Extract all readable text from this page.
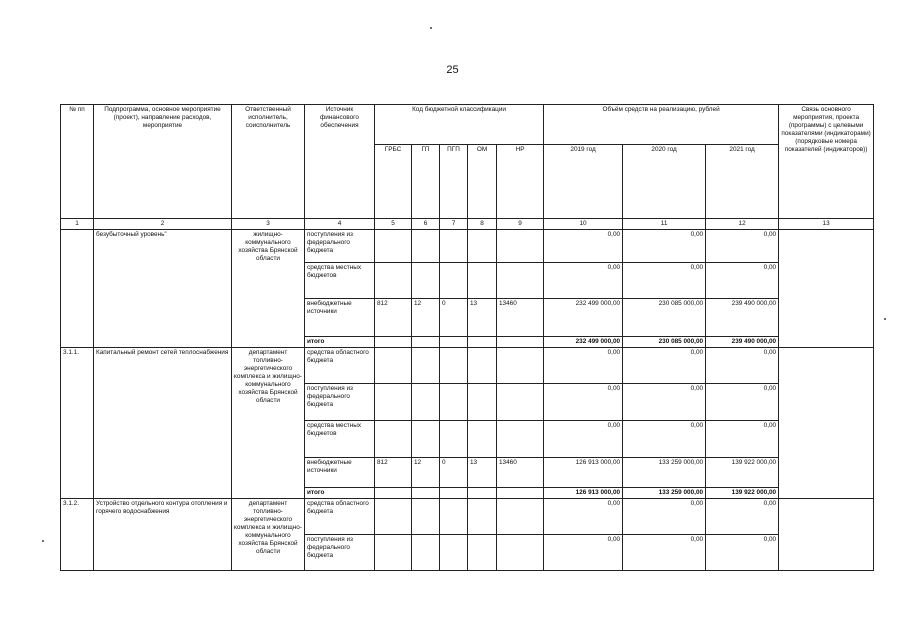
25
№ пп	Подпрограмма, основное мероприятие (проект), направление расходов, мероприятие	Ответственный исполнитель, соисполнитель	Источник финансового обеспечения	Код бюджетной классификации					Объём средств на реализацию, рублей			Связь основного мероприятия, проекта (программы) с целевыми показателями (индикаторами) (порядковые номера показателей (индикаторов))
				ГРБС	ГП	ПГП	ОМ	НР	2019 год	2020 год	2021 год	
1	2	3	4	5	6	7	8	9	10	11	12	13
	безубыточный уровень"	жилищно-коммунального хозяйства Брянской области	поступления из федерального бюджета						0,00	0,00	0,00	
			средства местных бюджетов						0,00	0,00	0,00	
			внебюджетные источники	812	12	0	13	13460	232 499 000,00	230 085 000,00	239 490 000,00	
			итого						232 499 000,00	230 085 000,00	239 490 000,00	
3.1.1.	Капитальный ремонт сетей теплоснабжения	департамент топливно-энергетического комплекса и жилищно-коммунального хозяйства Брянской области	средства областного бюджета						0,00	0,00	0,00	
			поступления из федерального бюджета						0,00	0,00	0,00	
			средства местных бюджетов						0,00	0,00	0,00	
			внебюджетные источники	812	12	0	13	13460	126 913 000,00	133 259 000,00	139 922 000,00	
			итого						126 913 000,00	133 259 000,00	139 922 000,00	
3.1.2.	Устройство отдельного контура отопления и горячего водоснабжения	департамент топливно-энергетического комплекса и жилищно-коммунального хозяйства Брянской области	средства областного бюджета						0,00	0,00	0,00	
			поступления из федерального бюджета						0,00	0,00	0,00	
